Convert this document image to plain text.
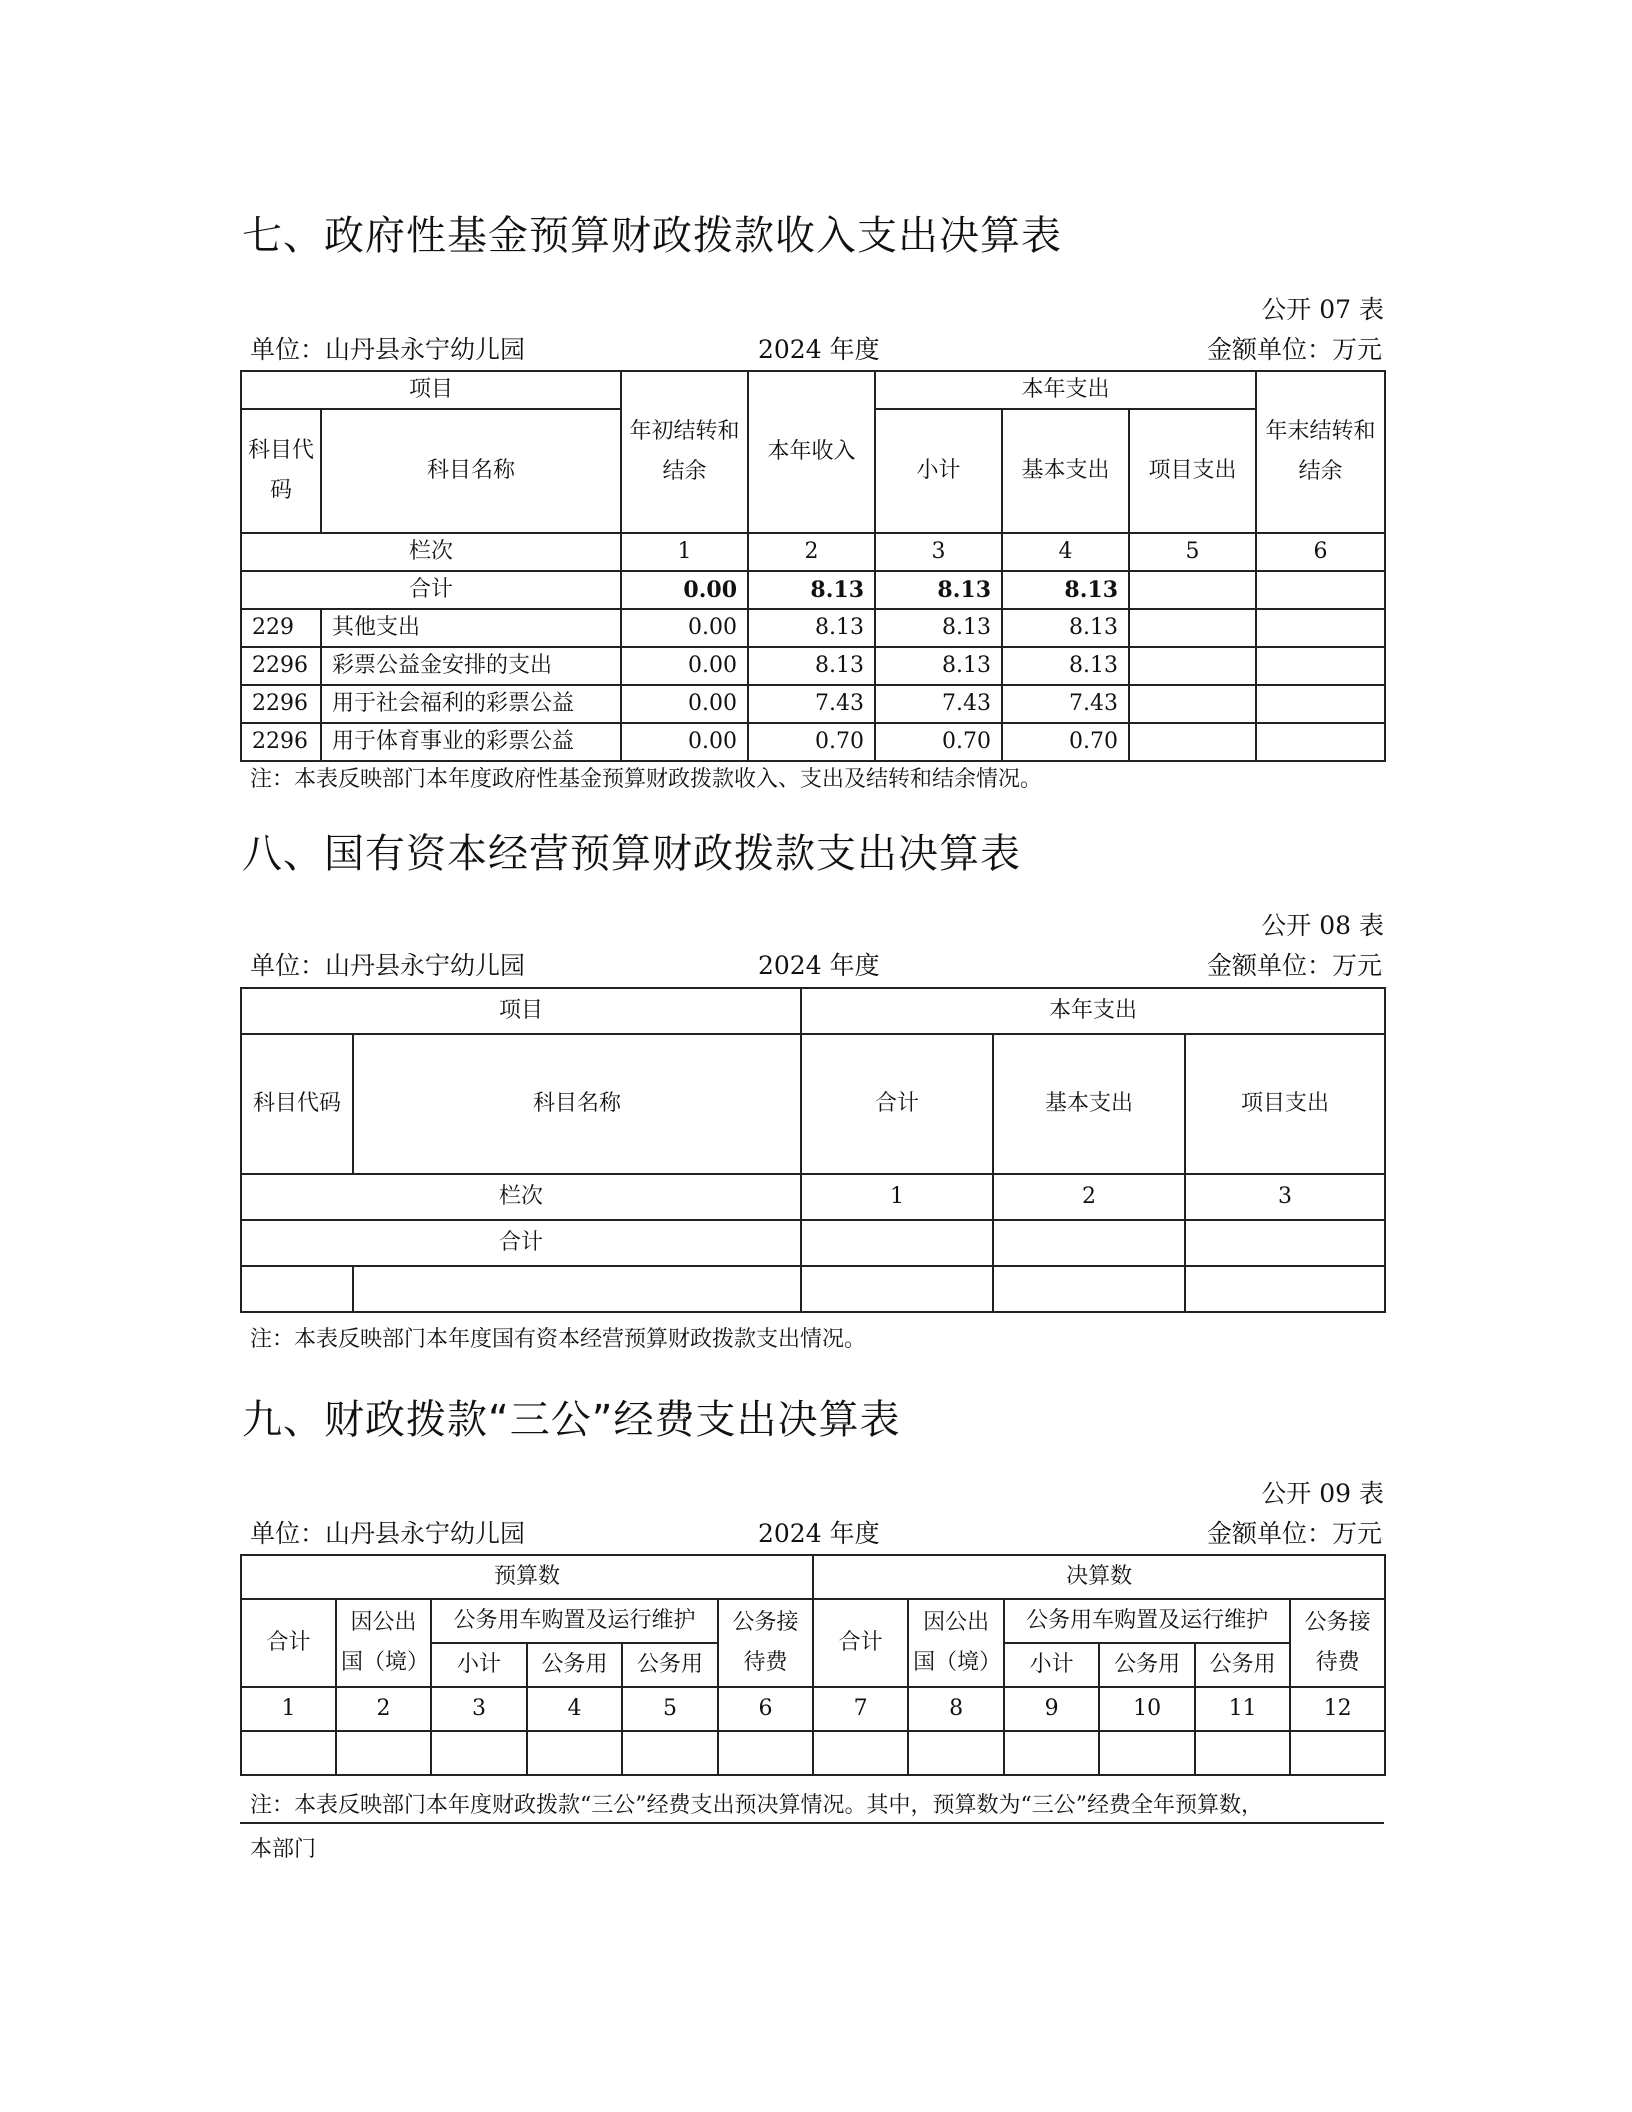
七、政府性基金预算财政拨款收入支出决算表
公开 07 表
单位：山丹县永宁幼儿园	2024 年度	金额单位：万元
项目		年初结转和结余	本年收入	本年支出			年末结转和结余
科目代码	科目名称			小计	基本支出	项目支出	
栏次		1	2	3	4	5	6
合计		0.00	8.13	8.13	8.13		
229	其他支出	0.00	8.13	8.13	8.13		
2296	彩票公益金安排的支出	0.00	8.13	8.13	8.13		
2296	用于社会福利的彩票公益	0.00	7.43	7.43	7.43		
2296	用于体育事业的彩票公益	0.00	0.70	0.70	0.70		
注：本表反映部门本年度政府性基金预算财政拨款收入、支出及结转和结余情况。
八、国有资本经营预算财政拨款支出决算表
公开 08 表
单位：山丹县永宁幼儿园	2024 年度	金额单位：万元
项目		本年支出		
科目代码	科目名称	合计	基本支出	项目支出
栏次		1	2	3
合计				

注：本表反映部门本年度国有资本经营预算财政拨款支出情况。
九、财政拨款“三公”经费支出决算表
公开 09 表
单位：山丹县永宁幼儿园	2024 年度	金额单位：万元
预算数						决算数					
合计	因公出国（境）	公务用车购置及运行维护			公务接待费	合计	因公出国（境）	公务用车购置及运行维护			公务接待费
		小计	公务用	公务用				小计	公务用	公务用	
1	2	3	4	5	6	7	8	9	10	11	12

注：本表反映部门本年度财政拨款“三公”经费支出预决算情况。其中，预算数为“三公”经费全年预算数，
本部门
